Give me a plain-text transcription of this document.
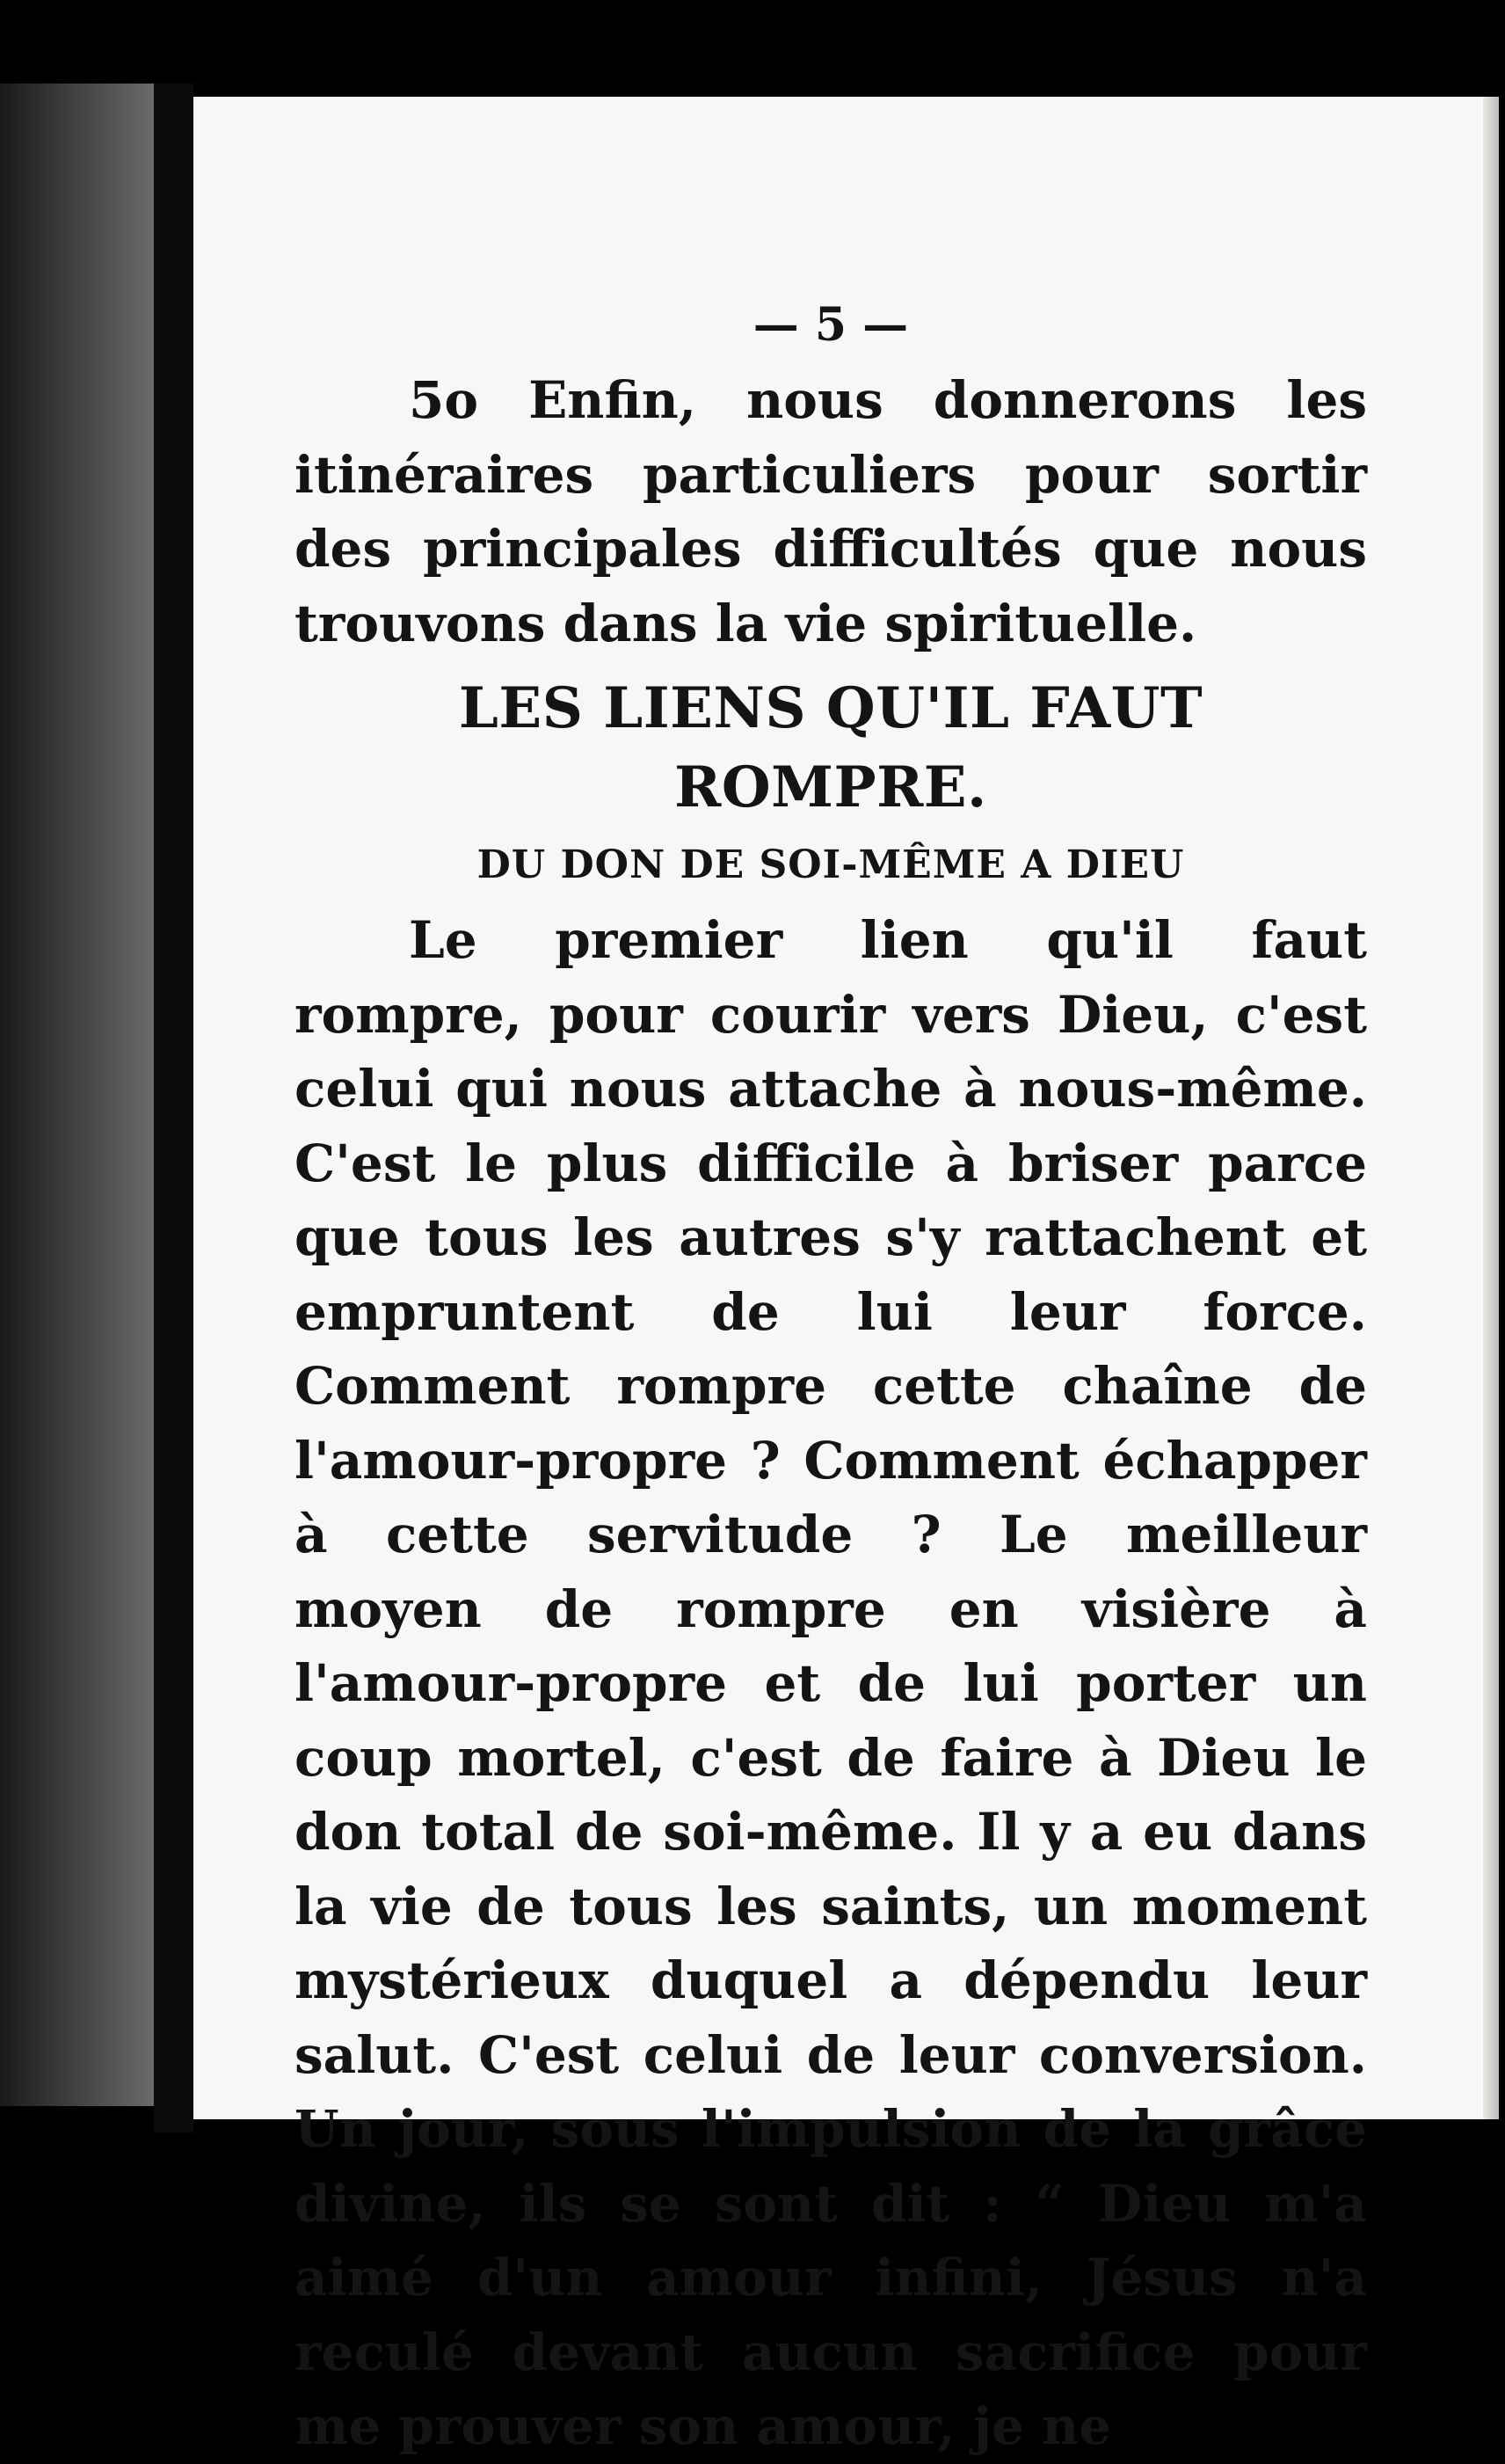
— 5 —

5o Enfin, nous donnerons les itinéraires particuliers pour sortir des principales difficultés que nous trouvons dans la vie spirituelle.

LES LIENS QU'IL FAUT ROMPRE.
DU DON DE SOI-MÊME A DIEU

Le premier lien qu'il faut rompre, pour courir vers Dieu, c'est celui qui nous attache à nous-même. C'est le plus difficile à briser parce que tous les autres s'y rattachent et empruntent de lui leur force. Comment rompre cette chaîne de l'amour-propre ? Comment échapper à cette servitude ? Le meilleur moyen de rompre en visière à l'amour-propre et de lui porter un coup mortel, c'est de faire à Dieu le don total de soi-même. Il y a eu dans la vie de tous les saints, un moment mystérieux duquel a dépendu leur salut. C'est celui de leur conversion. Un jour, sous l'impulsion de la grâce divine, ils se sont dit : “ Dieu m'a aimé d'un amour infini, Jésus n'a reculé devant aucun sacrifice pour me prouver son amour, je ne
